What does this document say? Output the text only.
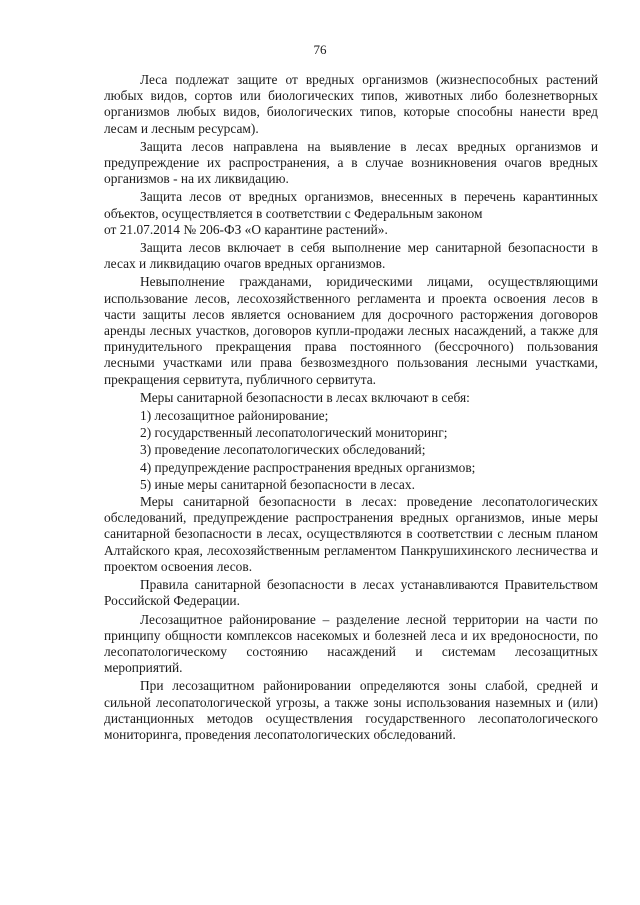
76

Леса подлежат защите от вредных организмов (жизнеспособных растений любых видов, сортов или биологических типов, животных либо болезнетворных организмов любых видов, биологических типов, которые способны нанести вред лесам и лесным ресурсам).

Защита лесов направлена на выявление в лесах вредных организмов и предупреждение их распространения, а в случае возникновения очагов вредных организмов - на их ликвидацию.

Защита лесов от вредных организмов, внесенных в перечень карантинных объектов, осуществляется в соответствии с Федеральным законом

от 21.07.2014 № 206-ФЗ «О карантине растений».

Защита лесов включает в себя выполнение мер санитарной безопасности в лесах и ликвидацию очагов вредных организмов.

Невыполнение гражданами, юридическими лицами, осуществляющими использование лесов, лесохозяйственного регламента и проекта освоения лесов в части защиты лесов является основанием для досрочного расторжения договоров аренды лесных участков, договоров купли-продажи лесных насаждений, а также для принудительного прекращения права постоянного (бессрочного) пользования лесными участками или права безвозмездного пользования лесными участками, прекращения сервитута, публичного сервитута.

Меры санитарной безопасности в лесах включают в себя:

1) лесозащитное районирование;
2) государственный лесопатологический мониторинг;
3) проведение лесопатологических обследований;
4) предупреждение распространения вредных организмов;
5) иные меры санитарной безопасности в лесах.

Меры санитарной безопасности в лесах: проведение лесопатологических обследований, предупреждение распространения вредных организмов, иные меры санитарной безопасности в лесах, осуществляются в соответствии с лесным планом Алтайского края, лесохозяйственным регламентом Панкрушихинского лесничества и проектом освоения лесов.

Правила санитарной безопасности в лесах устанавливаются Правительством Российской Федерации.

Лесозащитное районирование – разделение лесной территории на части по принципу общности комплексов насекомых и болезней леса и их вредоносности, по лесопатологическому состоянию насаждений и системам лесозащитных мероприятий.

При лесозащитном районировании определяются зоны слабой, средней и сильной лесопатологической угрозы, а также зоны использования наземных и (или) дистанционных методов осуществления государственного лесопатологического мониторинга, проведения лесопатологических обследований.
